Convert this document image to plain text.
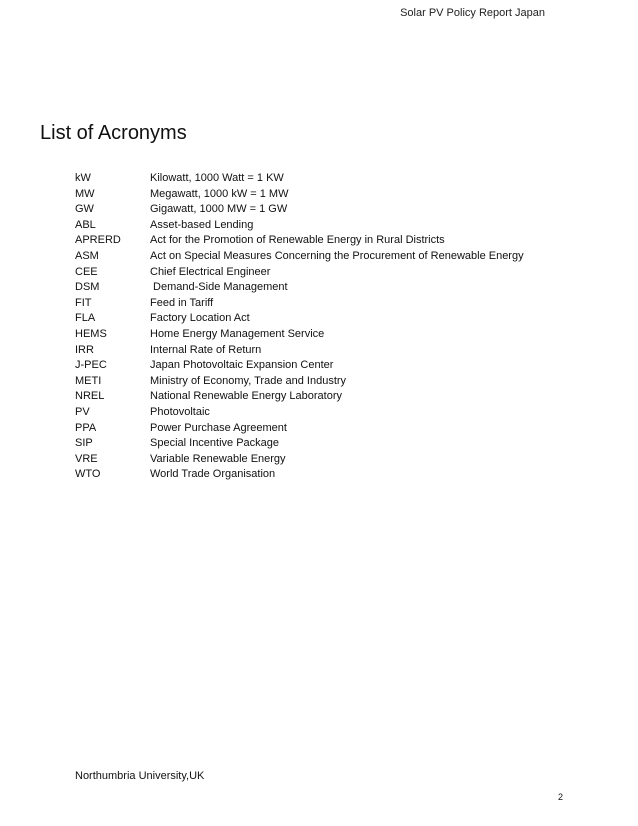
Solar PV Policy Report Japan
List of Acronyms
kW	Kilowatt, 1000 Watt = 1 KW
MW	Megawatt, 1000 kW = 1 MW
GW	Gigawatt, 1000 MW = 1 GW
ABL	Asset-based Lending
APRERD	Act for the Promotion of Renewable Energy in Rural Districts
ASM	Act on Special Measures Concerning the Procurement of Renewable Energy
CEE	Chief Electrical Engineer
DSM	Demand-Side Management
FIT	Feed in Tariff
FLA	Factory Location Act
HEMS	Home Energy Management Service
IRR	Internal Rate of Return
J-PEC	Japan Photovoltaic Expansion Center
METI	Ministry of Economy, Trade and Industry
NREL	National Renewable Energy Laboratory
PV	Photovoltaic
PPA	Power Purchase Agreement
SIP	Special Incentive Package
VRE	Variable Renewable Energy
WTO	World Trade Organisation
Northumbria University,UK
2
